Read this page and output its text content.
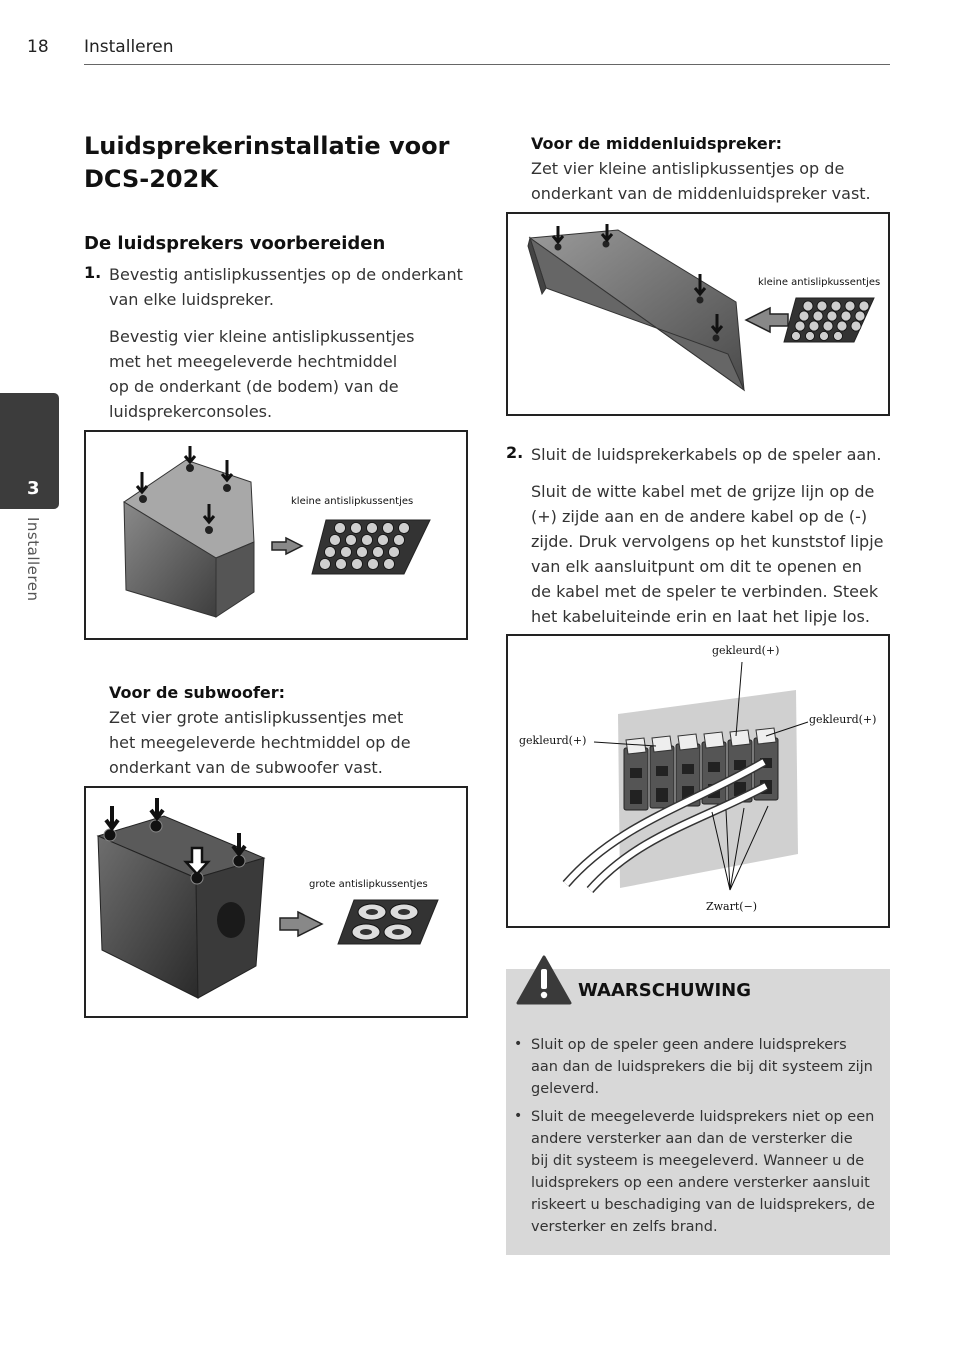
18 Installeren
3
Installeren
Luidsprekerinstallatie voor
DCS-202K
De luidsprekers voorbereiden
1. Bevestig antislipkussentjes op de onderkant
van elke luidspreker.
Bevestig vier kleine antislipkussentjes
met het meegeleverde hechtmiddel
op de onderkant (de bodem) van de
luidsprekerconsoles.
kleine antislipkussentjes
Voor de subwoofer:
Zet vier grote antislipkussentjes met
het meegeleverde hechtmiddel op de
onderkant van de subwoofer vast.
grote antislipkussentjes
Voor de middenluidspreker:
Zet vier kleine antislipkussentjes op de
onderkant van de middenluidspreker vast.
kleine antislipkussentjes
2. Sluit de luidsprekerkabels op de speler aan.
Sluit de witte kabel met de grijze lijn op de
(+) zijde aan en de andere kabel op de (-)
zijde. Druk vervolgens op het kunststof lipje
van elk aansluitpunt om dit te openen en
de kabel met de speler te verbinden. Steek
het kabeluiteinde erin en laat het lipje los.
gekleurd(+)
gekleurd(+)
gekleurd(+)
Zwart(−)
WAARSCHUWING
• Sluit op de speler geen andere luidsprekers
aan dan de luidsprekers die bij dit systeem zijn
geleverd.
• Sluit de meegeleverde luidsprekers niet op een
andere versterker aan dan de versterker die
bij dit systeem is meegeleverd. Wanneer u de
luidsprekers op een andere versterker aansluit
riskeert u beschadiging van de luidsprekers, de
versterker en zelfs brand.
